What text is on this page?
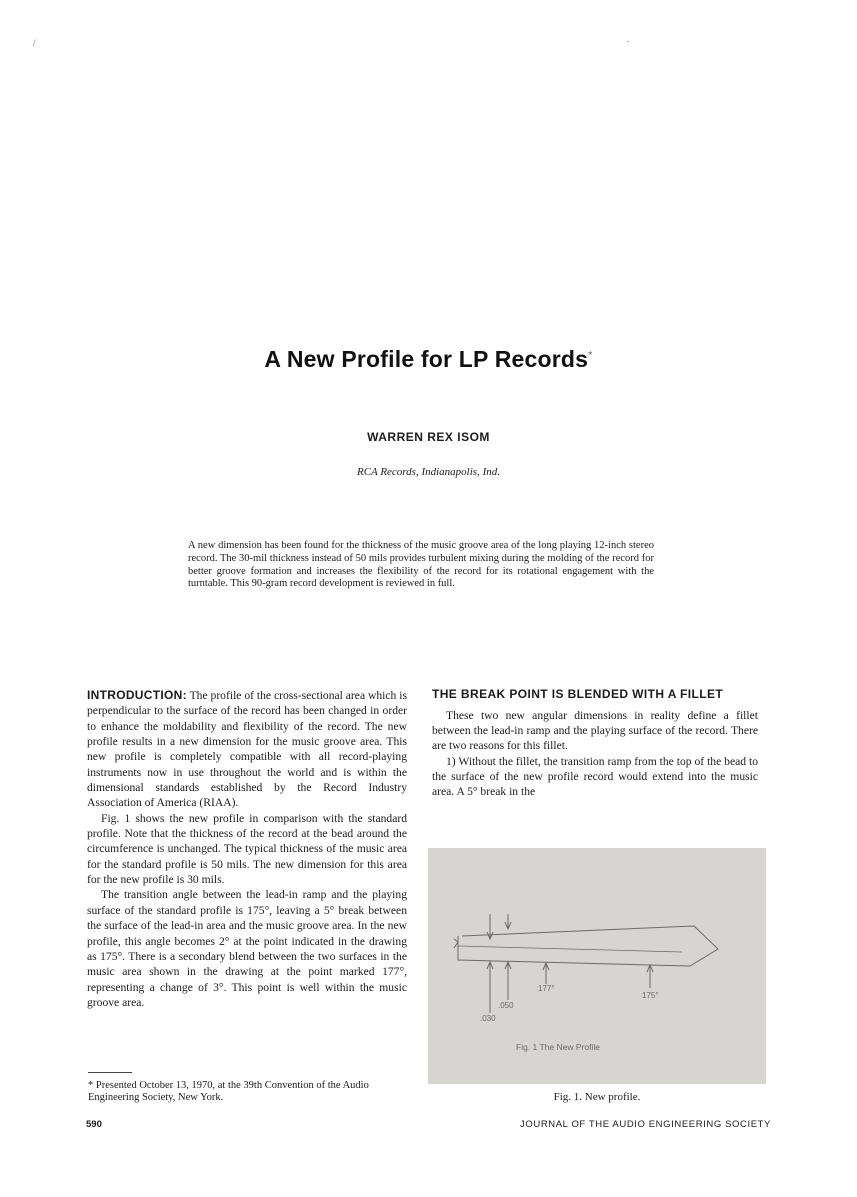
/	.
A New Profile for LP Records*
WARREN REX ISOM
RCA Records, Indianapolis, Ind.

A new dimension has been found for the thickness of the music groove area of the long playing 12-inch stereo record. The 30-mil thickness instead of 50 mils provides turbulent mixing during the molding of the record for better groove formation and increases the flexibility of the record for its rotational engagement with the turntable. This 90-gram record development is reviewed in full.

INTRODUCTION: The profile of the cross-sectional area which is perpendicular to the surface of the record has been changed in order to enhance the moldability and flexibility of the record. The new profile results in a new dimension for the music groove area. This new profile is completely compatible with all record-playing instruments now in use throughout the world and is within the dimensional standards established by the Record Industry Association of America (RIAA).

Fig. 1 shows the new profile in comparison with the standard profile. Note that the thickness of the record at the bead around the circumference is unchanged. The typical thickness of the music area for the standard profile is 50 mils. The new dimension for this area for the new profile is 30 mils.

The transition angle between the lead-in ramp and the playing surface of the standard profile is 175°, leaving a 5° break between the surface of the lead-in area and the music groove area. In the new profile, this angle becomes 2° at the point indicated in the drawing as 175°. There is a secondary blend between the two surfaces in the music area shown in the drawing at the point marked 177°, representing a change of 3°. This point is well within the music groove area.

THE BREAK POINT IS BLENDED WITH A FILLET

These two new angular dimensions in reality define a fillet between the lead-in ramp and the playing surface of the record. There are two reasons for this fillet.

1) Without the fillet, the transition ramp from the top of the bead to the surface of the new profile record would extend into the music area. A 5° break in the

* Presented October 13, 1970, at the 39th Convention of the Audio Engineering Society, New York.

177°
175°
.050
.030
Fig. 1 The New Profile
Fig. 1. New profile.
590	JOURNAL OF THE AUDIO ENGINEERING SOCIETY
